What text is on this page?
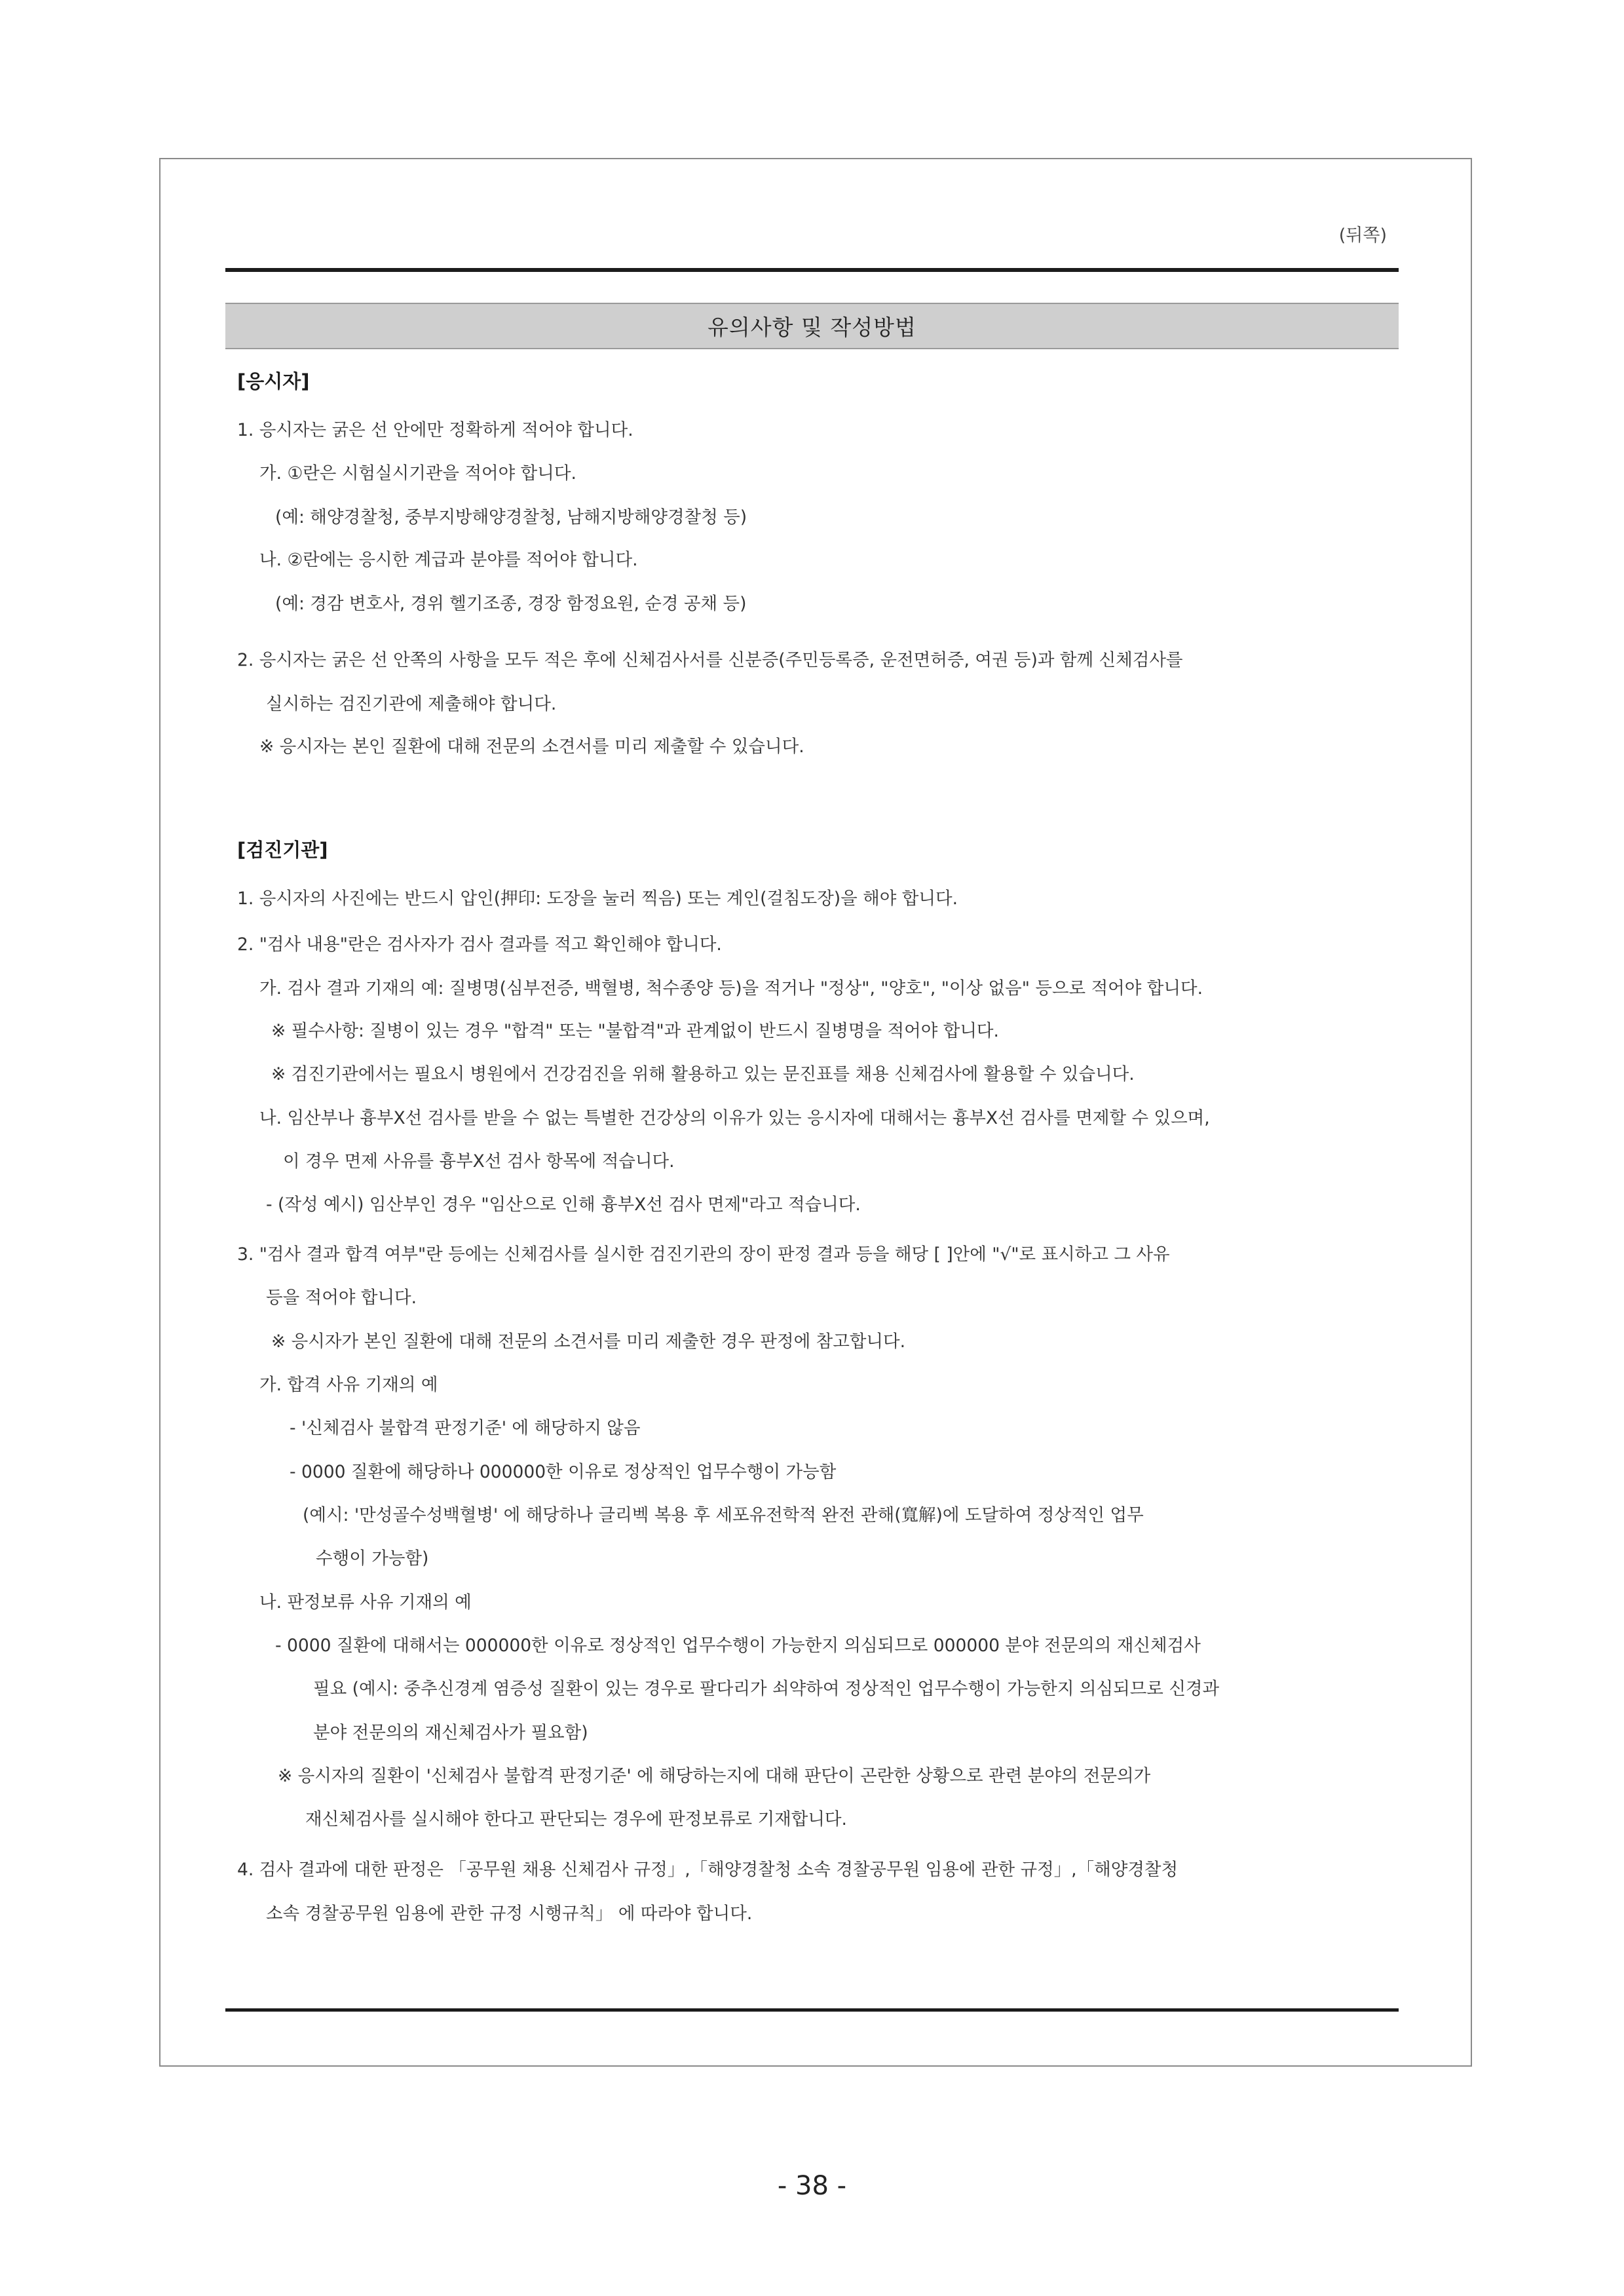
(뒤쪽)
유의사항 및 작성방법
[응시자]
1. 응시자는 굵은 선 안에만 정확하게 적어야 합니다.
가. ①란은 시험실시기관을 적어야 합니다.
(예: 해양경찰청, 중부지방해양경찰청, 남해지방해양경찰청 등)
나. ②란에는 응시한 계급과 분야를 적어야 합니다.
(예: 경감 변호사, 경위 헬기조종, 경장 함정요원, 순경 공채 등)
2. 응시자는 굵은 선 안쪽의 사항을 모두 적은 후에 신체검사서를 신분증(주민등록증, 운전면허증, 여권 등)과 함께 신체검사를
실시하는 검진기관에 제출해야 합니다.
※ 응시자는 본인 질환에 대해 전문의 소견서를 미리 제출할 수 있습니다.
[검진기관]
1. 응시자의 사진에는 반드시 압인(押印: 도장을 눌러 찍음) 또는 계인(걸침도장)을 해야 합니다.
2. "검사 내용"란은 검사자가 검사 결과를 적고 확인해야 합니다.
가. 검사 결과 기재의 예: 질병명(심부전증, 백혈병, 척수종양 등)을 적거나 "정상", "양호", "이상 없음" 등으로 적어야 합니다.
※ 필수사항: 질병이 있는 경우 "합격" 또는 "불합격"과 관계없이 반드시 질병명을 적어야 합니다.
※ 검진기관에서는 필요시 병원에서 건강검진을 위해 활용하고 있는 문진표를 채용 신체검사에 활용할 수 있습니다.
나. 임산부나 흉부X선 검사를 받을 수 없는 특별한 건강상의 이유가 있는 응시자에 대해서는 흉부X선 검사를 면제할 수 있으며,
이 경우 면제 사유를 흉부X선 검사 항목에 적습니다.
- (작성 예시) 임산부인 경우 "임산으로 인해 흉부X선 검사 면제"라고 적습니다.
3. "검사 결과 합격 여부"란 등에는 신체검사를 실시한 검진기관의 장이 판정 결과 등을 해당 [ ]안에 "√"로 표시하고 그 사유
등을 적어야 합니다.
※ 응시자가 본인 질환에 대해 전문의 소견서를 미리 제출한 경우 판정에 참고합니다.
가. 합격 사유 기재의 예
- '신체검사 불합격 판정기준' 에 해당하지 않음
- 0000 질환에 해당하나 000000한 이유로 정상적인 업무수행이 가능함
(예시: '만성골수성백혈병' 에 해당하나 글리벡 복용 후 세포유전학적 완전 관해(寬解)에 도달하여 정상적인 업무
수행이 가능함)
나. 판정보류 사유 기재의 예
- 0000 질환에 대해서는 000000한 이유로 정상적인 업무수행이 가능한지 의심되므로 000000 분야 전문의의 재신체검사
필요 (예시: 중추신경계 염증성 질환이 있는 경우로 팔다리가 쇠약하여 정상적인 업무수행이 가능한지 의심되므로 신경과
분야 전문의의 재신체검사가 필요함)
※ 응시자의 질환이 '신체검사 불합격 판정기준' 에 해당하는지에 대해 판단이 곤란한 상황으로 관련 분야의 전문의가
재신체검사를 실시해야 한다고 판단되는 경우에 판정보류로 기재합니다.
4. 검사 결과에 대한 판정은 「공무원 채용 신체검사 규정」,「해양경찰청 소속 경찰공무원 임용에 관한 규정」,「해양경찰청
소속 경찰공무원 임용에 관한 규정 시행규칙」 에 따라야 합니다.
- 38 -
